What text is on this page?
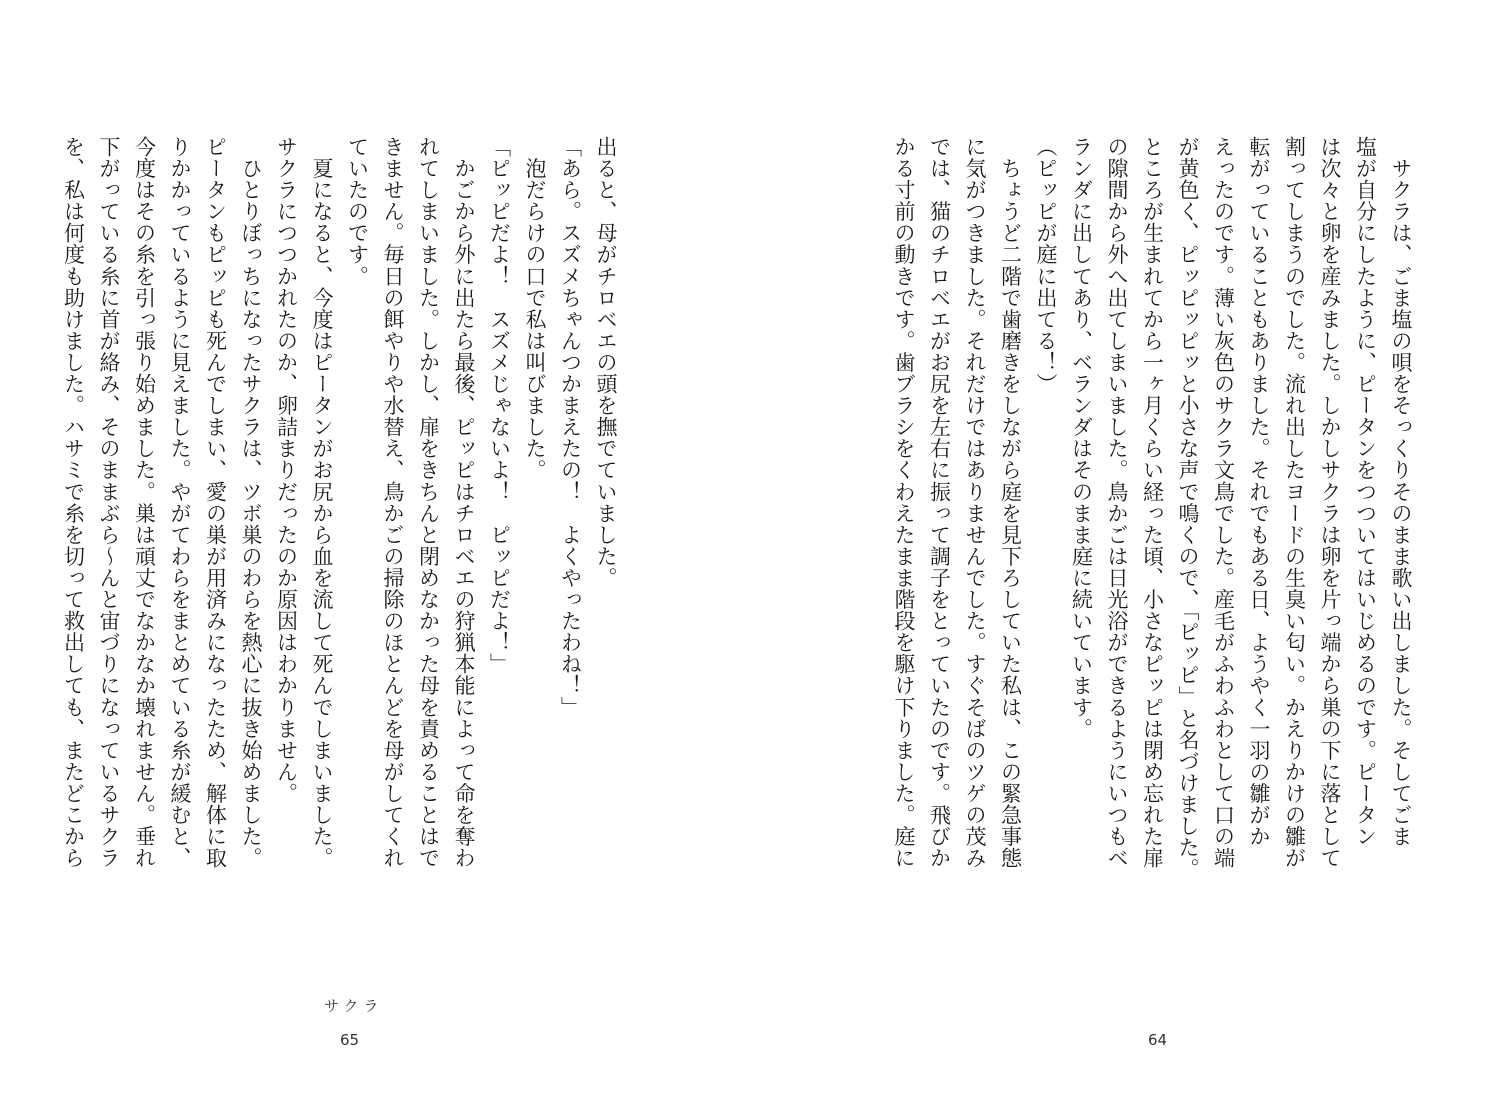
　サクラは、ごま塩の唄をそっくりそのまま歌い出しました。そしてごま
塩が自分にしたように、ピータンをつついてはいじめるのです。ピータン
は次々と卵を産みました。しかしサクラは卵を片っ端から巣の下に落として
割ってしまうのでした。流れ出したヨードの生臭い匂い。かえりかけの雛が
転がっていることもありました。それでもある日、ようやく一羽の雛がか
えったのです。薄い灰色のサクラ文鳥でした。産毛がふわふわとして口の端
が黄色く、ピッピッピッと小さな声で鳴くので、「ピッピ」と名づけました。
ところが生まれてから一ヶ月くらい経った頃、小さなピッピは閉め忘れた扉
の隙間から外へ出てしまいました。鳥かごは日光浴ができるようにいつもベ
ランダに出してあり、ベランダはそのまま庭に続いています。
（ピッピが庭に出てる！）
　ちょうど二階で歯磨きをしながら庭を見下ろしていた私は、この緊急事態
に気がつきました。それだけではありませんでした。すぐそばのツゲの茂み
では、猫のチロベエがお尻を左右に振って調子をとっていたのです。飛びか
かる寸前の動きです。歯ブラシをくわえたまま階段を駆け下りました。庭に
64
出ると、母がチロベエの頭を撫でていました。
「あら。スズメちゃんつかまえたの！　よくやったわね！」
　泡だらけの口で私は叫びました。
「ピッピだよ！　スズメじゃないよ！　ピッピだよ！」
　かごから外に出たら最後、ピッピはチロベエの狩猟本能によって命を奪わ
れてしまいました。しかし、扉をきちんと閉めなかった母を責めることはで
きません。毎日の餌やりや水替え、鳥かごの掃除のほとんどを母がしてくれ
ていたのです。
　夏になると、今度はピータンがお尻から血を流して死んでしまいました。
サクラにつつかれたのか、卵詰まりだったのか原因はわかりません。
　ひとりぼっちになったサクラは、ツボ巣のわらを熱心に抜き始めました。
ピータンもピッピも死んでしまい、愛の巣が用済みになったため、解体に取
りかかっているように見えました。やがてわらをまとめている糸が緩むと、
今度はその糸を引っ張り始めました。巣は頑丈でなかなか壊れません。垂れ
下がっている糸に首が絡み、そのままぶら〜んと宙づりになっているサクラ
を、私は何度も助けました。ハサミで糸を切って救出しても、またどこから
サクラ
65
